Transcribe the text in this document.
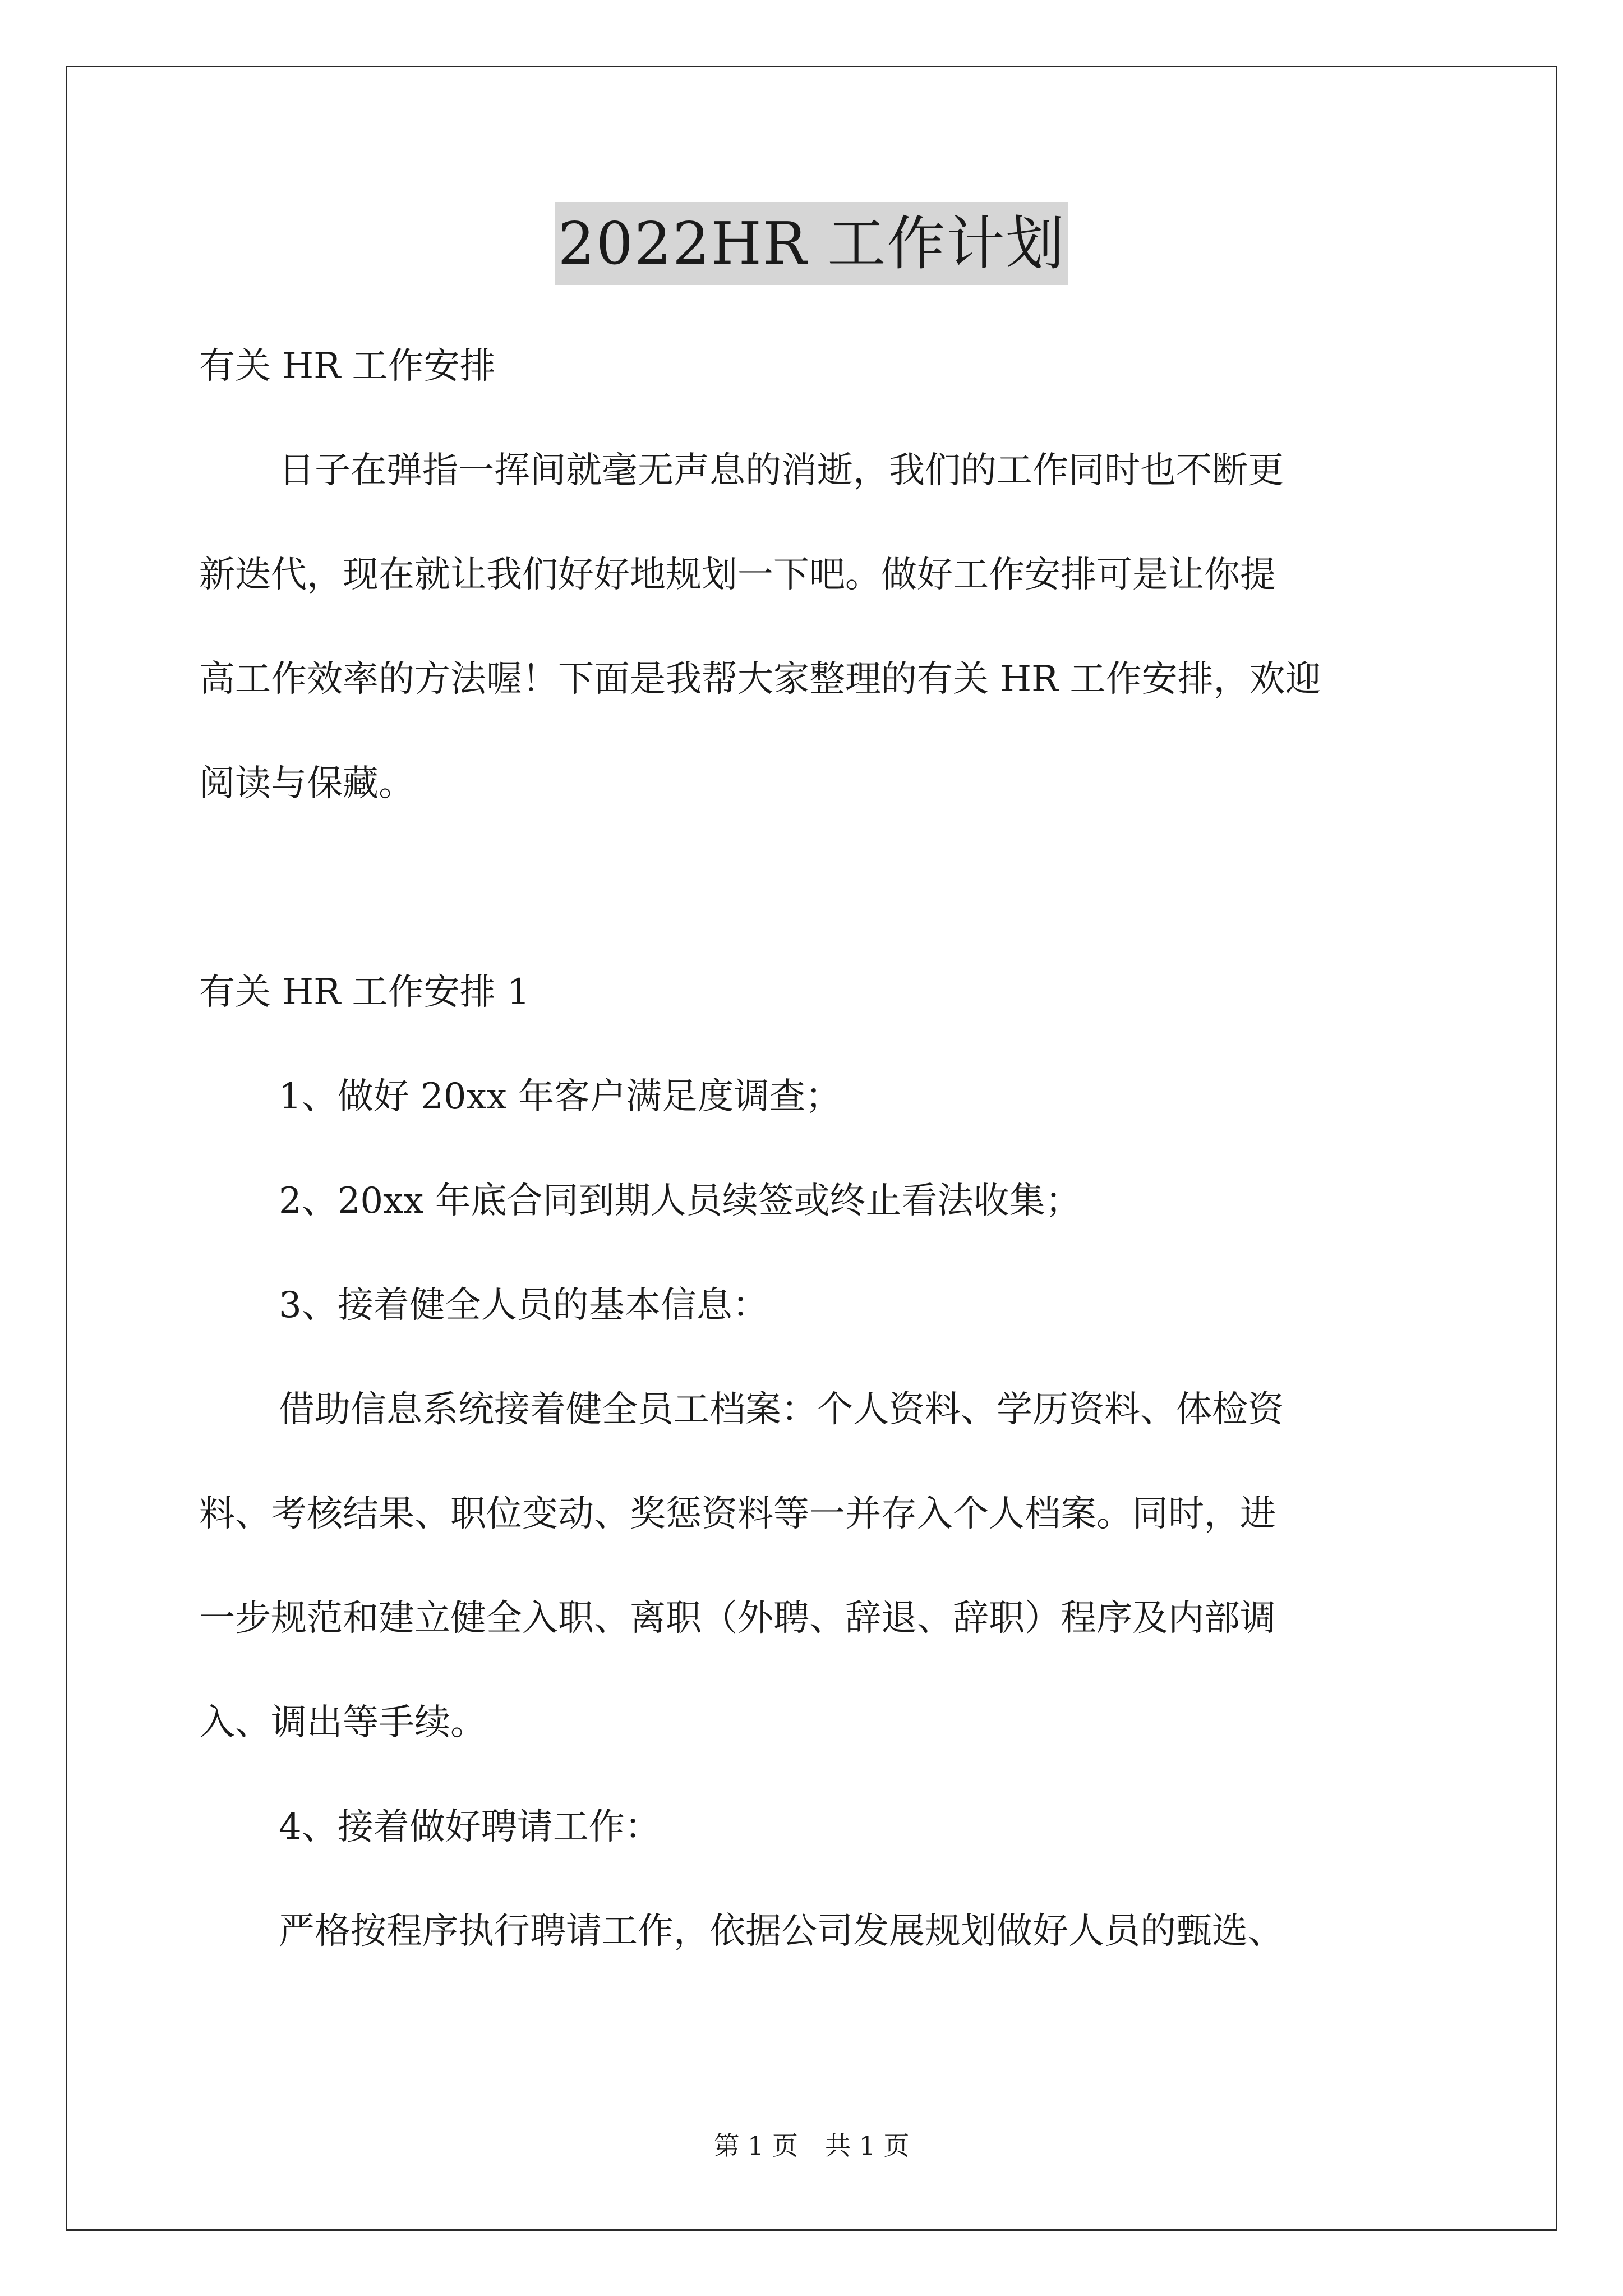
2022HR 工作计划
有关 HR 工作安排
日子在弹指一挥间就毫无声息的消逝，我们的工作同时也不断更
新迭代，现在就让我们好好地规划一下吧。做好工作安排可是让你提
高工作效率的方法喔！下面是我帮大家整理的有关 HR 工作安排，欢迎
阅读与保藏。
有关 HR 工作安排 1
1、做好 20xx 年客户满足度调查；
2、20xx 年底合同到期人员续签或终止看法收集；
3、接着健全人员的基本信息：
借助信息系统接着健全员工档案：个人资料、学历资料、体检资
料、考核结果、职位变动、奖惩资料等一并存入个人档案。同时，进
一步规范和建立健全入职、离职（外聘、辞退、辞职）程序及内部调
入、调出等手续。
4、接着做好聘请工作：
严格按程序执行聘请工作，依据公司发展规划做好人员的甄选、
第 1 页 共 1 页
